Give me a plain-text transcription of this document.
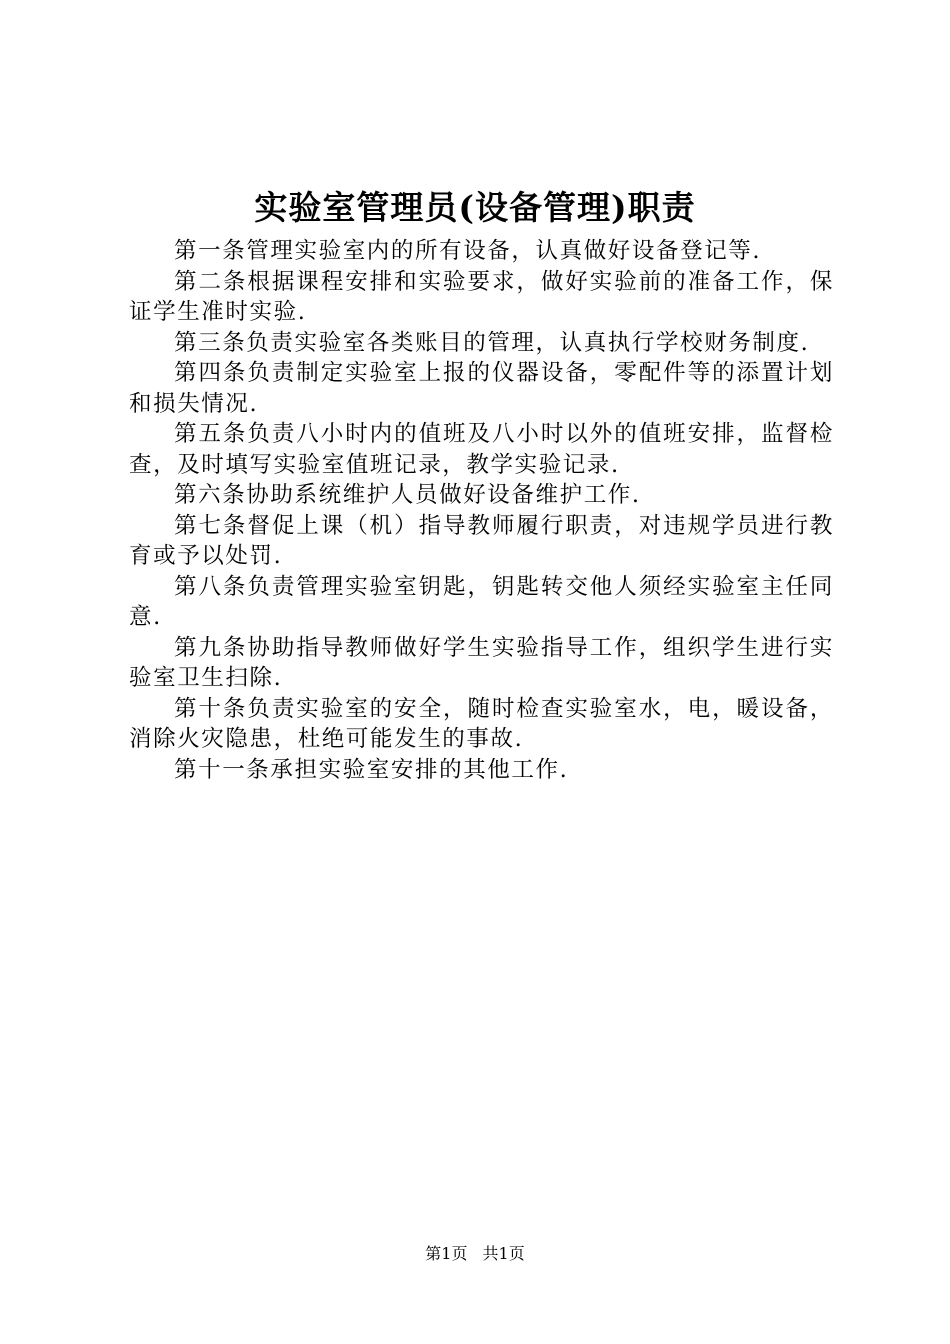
实验室管理员(设备管理)职责

第一条管理实验室内的所有设备，认真做好设备登记等.

第二条根据课程安排和实验要求，做好实验前的准备工作，保证学生准时实验.

第三条负责实验室各类账目的管理，认真执行学校财务制度.

第四条负责制定实验室上报的仪器设备，零配件等的添置计划和损失情况.

第五条负责八小时内的值班及八小时以外的值班安排，监督检查，及时填写实验室值班记录，教学实验记录.

第六条协助系统维护人员做好设备维护工作.

第七条督促上课（机）指导教师履行职责，对违规学员进行教育或予以处罚.

第八条负责管理实验室钥匙，钥匙转交他人须经实验室主任同意.

第九条协助指导教师做好学生实验指导工作，组织学生进行实验室卫生扫除.

第十条负责实验室的安全，随时检查实验室水，电，暖设备，消除火灾隐患，杜绝可能发生的事故.

第十一条承担实验室安排的其他工作.

第1页 共1页
